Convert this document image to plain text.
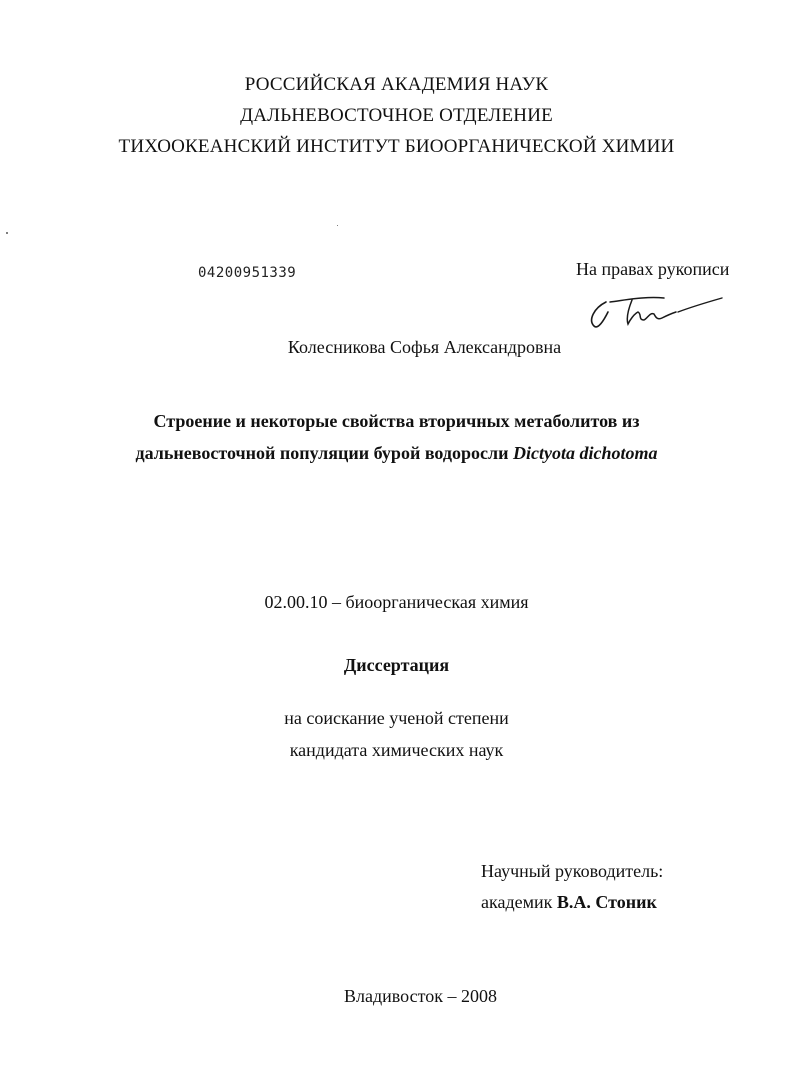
РОССИЙСКАЯ АКАДЕМИЯ НАУК
ДАЛЬНЕВОСТОЧНОЕ ОТДЕЛЕНИЕ
ТИХООКЕАНСКИЙ ИНСТИТУТ БИООРГАНИЧЕСКОЙ ХИМИИ
04200951339	На правах рукописи
Колесникова Софья Александровна
Строение и некоторые свойства вторичных метаболитов из
дальневосточной популяции бурой водоросли Dictyota dichotoma
02.00.10 – биоорганическая химия
Диссертация
на соискание ученой степени
кандидата химических наук
Научный руководитель:
академик В.А. Стоник
Владивосток – 2008
